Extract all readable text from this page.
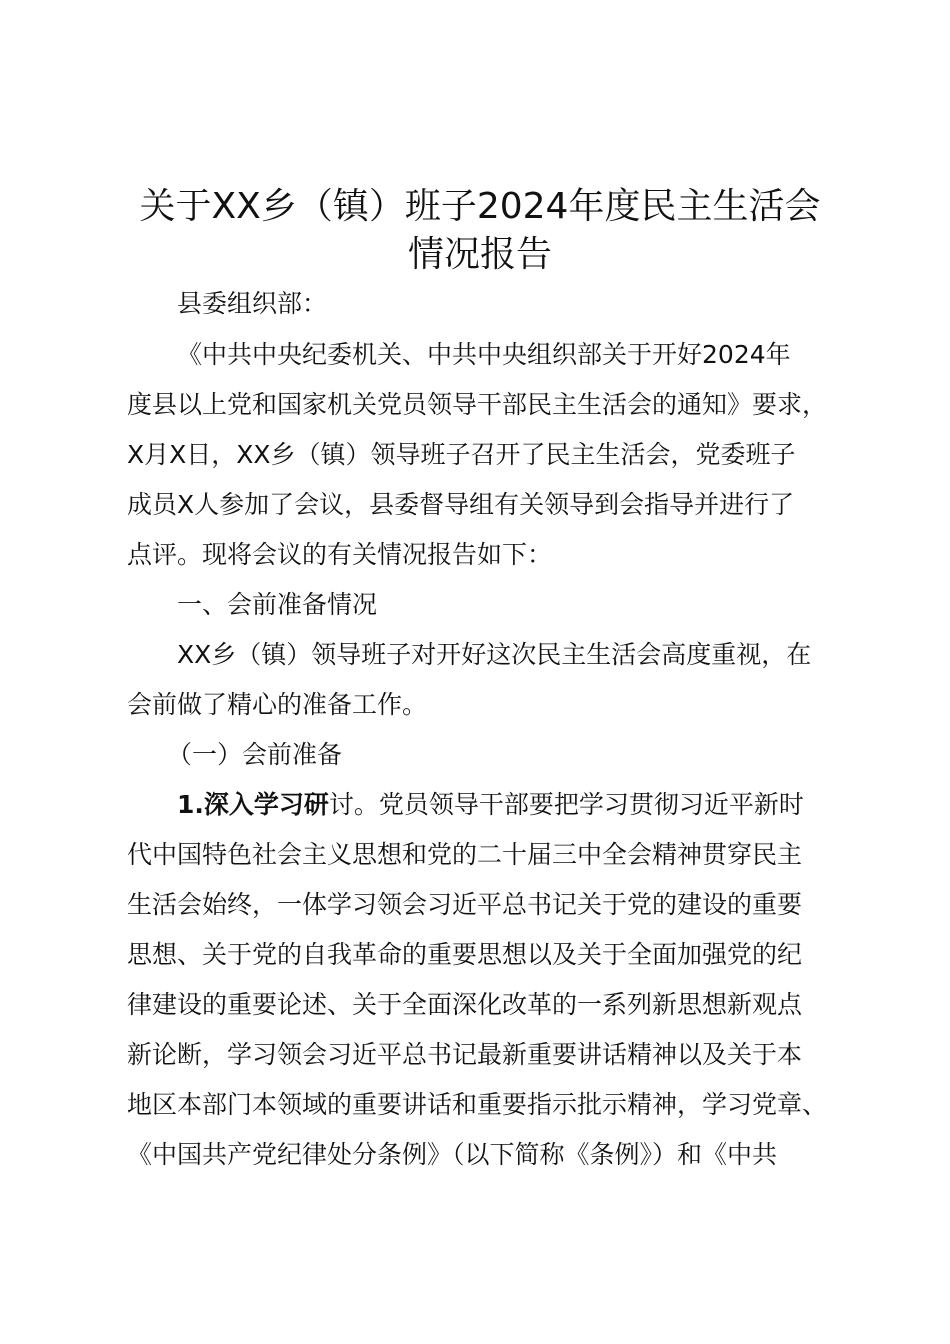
关于XX乡（镇）班子2024年度民主生活会
情况报告

县委组织部：

《中共中央纪委机关、中共中央组织部关于开好2024年

度县以上党和国家机关党员领导干部民主生活会的通知》要求，

X月X日，XX乡（镇）领导班子召开了民主生活会，党委班子

成员X人参加了会议，县委督导组有关领导到会指导并进行了

点评。现将会议的有关情况报告如下：

一、会前准备情况

XX乡（镇）领导班子对开好这次民主生活会高度重视，在

会前做了精心的准备工作。

（一）会前准备

1.深入学习研讨。党员领导干部要把学习贯彻习近平新时

代中国特色社会主义思想和党的二十届三中全会精神贯穿民主

生活会始终，一体学习领会习近平总书记关于党的建设的重要

思想、关于党的自我革命的重要思想以及关于全面加强党的纪

律建设的重要论述、关于全面深化改革的一系列新思想新观点

新论断，学习领会习近平总书记最新重要讲话精神以及关于本

地区本部门本领域的重要讲话和重要指示批示精神，学习党章、

《中国共产党纪律处分条例》（以下简称《条例》）和《中共
